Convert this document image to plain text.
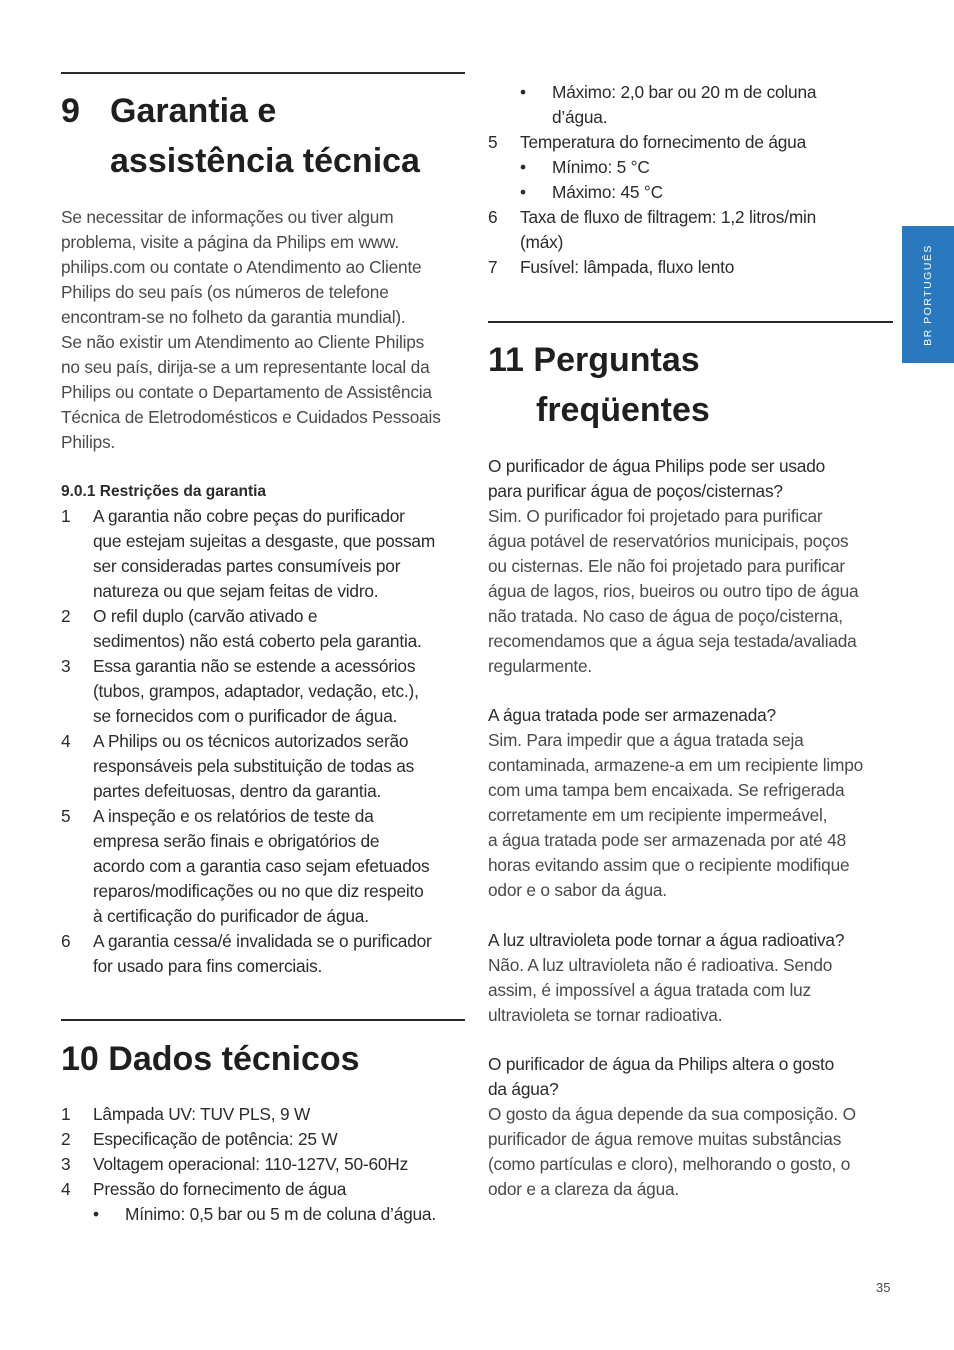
9 Garantia e
assistência técnica
Se necessitar de informações ou tiver algum
problema, visite a página da Philips em www.
philips.com ou contate o Atendimento ao Cliente
Philips do seu país (os números de telefone
encontram-se no folheto da garantia mundial).
Se não existir um Atendimento ao Cliente Philips
no seu país, dirija-se a um representante local da
Philips ou contate o Departamento de Assistência
Técnica de Eletrodomésticos e Cuidados Pessoais
Philips.
9.0.1 Restrições da garantia
1 A garantia não cobre peças do purificador
que estejam sujeitas a desgaste, que possam
ser consideradas partes consumíveis por
natureza ou que sejam feitas de vidro.
2 O refil duplo (carvão ativado e
sedimentos) não está coberto pela garantia.
3 Essa garantia não se estende a acessórios
(tubos, grampos, adaptador, vedação, etc.),
se fornecidos com o purificador de água.
4 A Philips ou os técnicos autorizados serão
responsáveis pela substituição de todas as
partes defeituosas, dentro da garantia.
5 A inspeção e os relatórios de teste da
empresa serão finais e obrigatórios de
acordo com a garantia caso sejam efetuados
reparos/modificações ou no que diz respeito
à certificação do purificador de água.
6 A garantia cessa/é invalidada se o purificador
for usado para fins comerciais.
10 Dados técnicos
1 Lâmpada UV: TUV PLS, 9 W
2 Especificação de potência: 25 W
3 Voltagem operacional: 110-127V, 50-60Hz
4 Pressão do fornecimento de água
• Mínimo: 0,5 bar ou 5 m de coluna d’água.
• Máximo: 2,0 bar ou 20 m de coluna
d’água.
5 Temperatura do fornecimento de água
• Mínimo: 5 °C
• Máximo: 45 °C
6 Taxa de fluxo de filtragem: 1,2 litros/min
(máx)
7 Fusível: lâmpada, fluxo lento
11 Perguntas
freqüentes
O purificador de água Philips pode ser usado
para purificar água de poços/cisternas?
Sim. O purificador foi projetado para purificar
água potável de reservatórios municipais, poços
ou cisternas. Ele não foi projetado para purificar
água de lagos, rios, bueiros ou outro tipo de água
não tratada. No caso de água de poço/cisterna,
recomendamos que a água seja testada/avaliada
regularmente.
A água tratada pode ser armazenada?
Sim. Para impedir que a água tratada seja
contaminada, armazene-a em um recipiente limpo
com uma tampa bem encaixada. Se refrigerada
corretamente em um recipiente impermeável,
a água tratada pode ser armazenada por até 48
horas evitando assim que o recipiente modifique
odor e o sabor da água.
A luz ultravioleta pode tornar a água radioativa?
Não. A luz ultravioleta não é radioativa. Sendo
assim, é impossível a água tratada com luz
ultravioleta se tornar radioativa.
O purificador de água da Philips altera o gosto
da água?
O gosto da água depende da sua composição. O
purificador de água remove muitas substâncias
(como partículas e cloro), melhorando o gosto, o
odor e a clareza da água.
BR PORTUGUÊS
35
